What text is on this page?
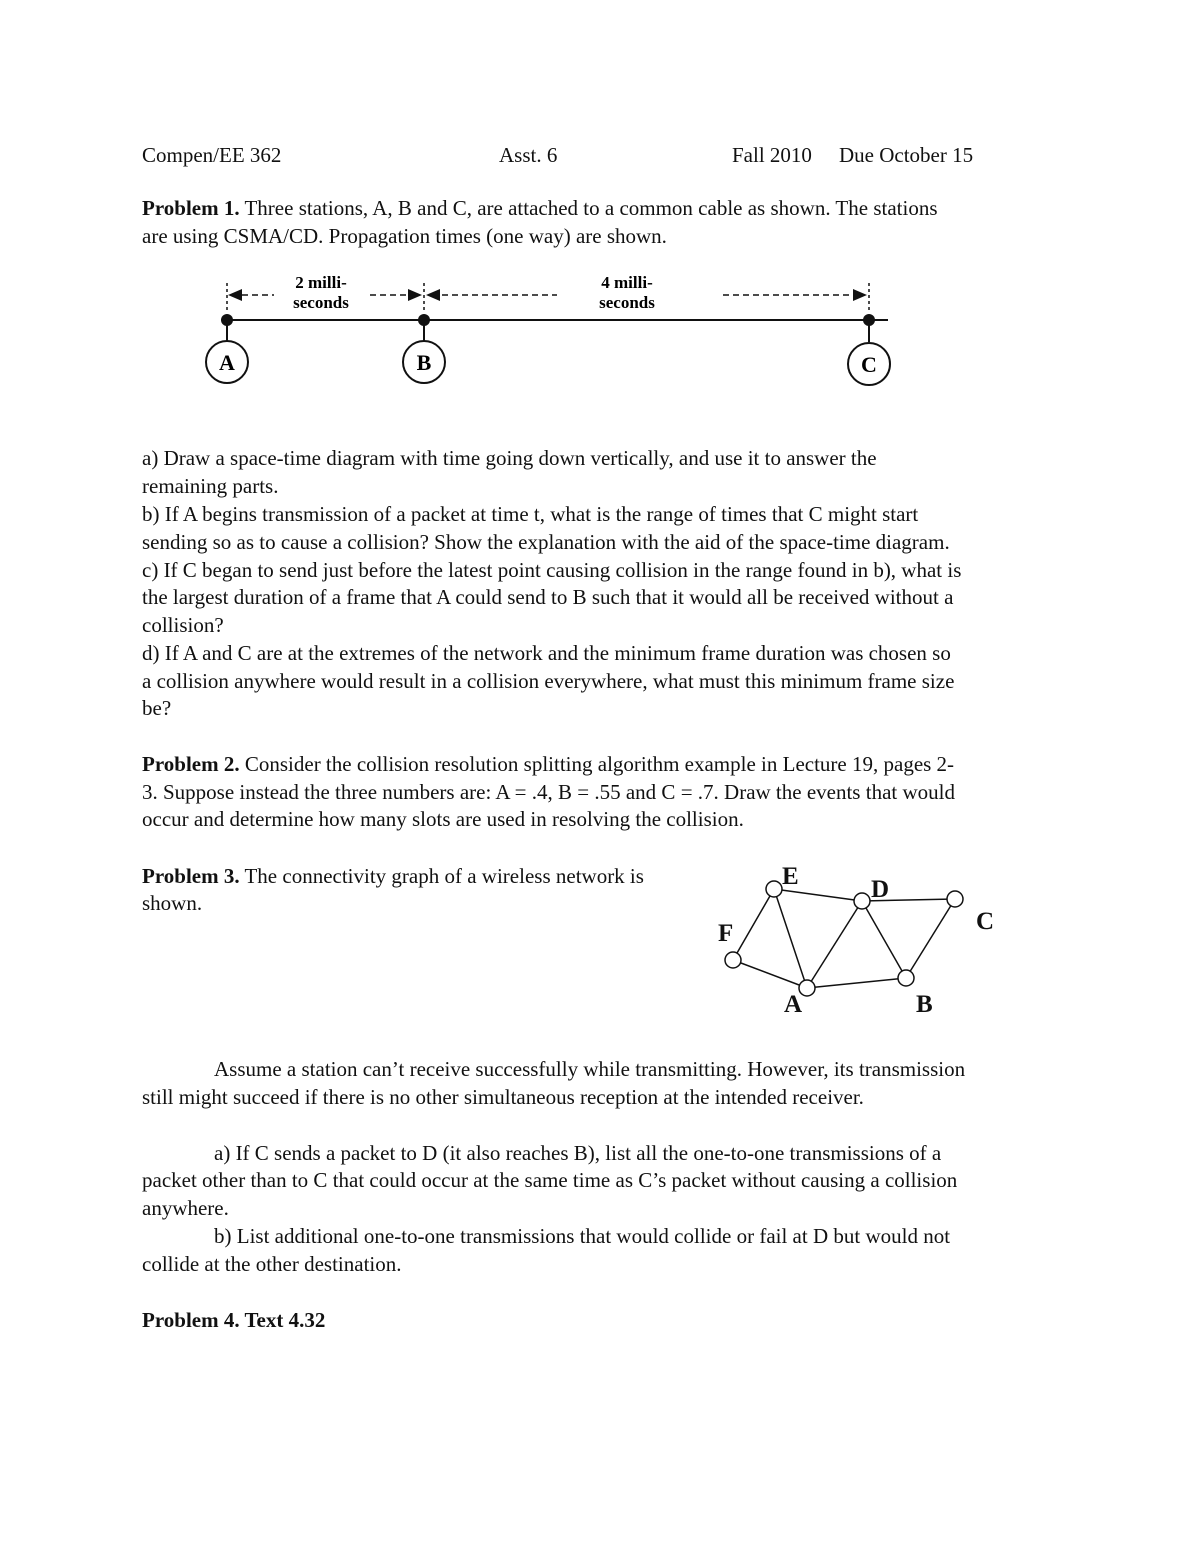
Compen/EE 362	Asst. 6	Fall 2010 Due October 15
Problem 1. Three stations, A, B and C, are attached to a common cable as shown. The stations
are using CSMA/CD. Propagation times (one way) are shown.
2 milli-
seconds
4 milli-
seconds
A	B	C
a) Draw a space-time diagram with time going down vertically, and use it to answer the
remaining parts.
b) If A begins transmission of a packet at time t, what is the range of times that C might start
sending so as to cause a collision? Show the explanation with the aid of the space-time diagram.
c) If C began to send just before the latest point causing collision in the range found in b), what is
the largest duration of a frame that A could send to B such that it would all be received without a
collision?
d) If A and C are at the extremes of the network and the minimum frame duration was chosen so
a collision anywhere would result in a collision everywhere, what must this minimum frame size
be?
Problem 2. Consider the collision resolution splitting algorithm example in Lecture 19, pages 2-
3. Suppose instead the three numbers are: A = .4, B = .55 and C = .7. Draw the events that would
occur and determine how many slots are used in resolving the collision.
Problem 3. The connectivity graph of a wireless network is
shown.
E	D
C
F
A	B
Assume a station can’t receive successfully while transmitting. However, its transmission
still might succeed if there is no other simultaneous reception at the intended receiver.
a) If C sends a packet to D (it also reaches B), list all the one-to-one transmissions of a
packet other than to C that could occur at the same time as C’s packet without causing a collision
anywhere.
b) List additional one-to-one transmissions that would collide or fail at D but would not
collide at the other destination.
Problem 4. Text 4.32
